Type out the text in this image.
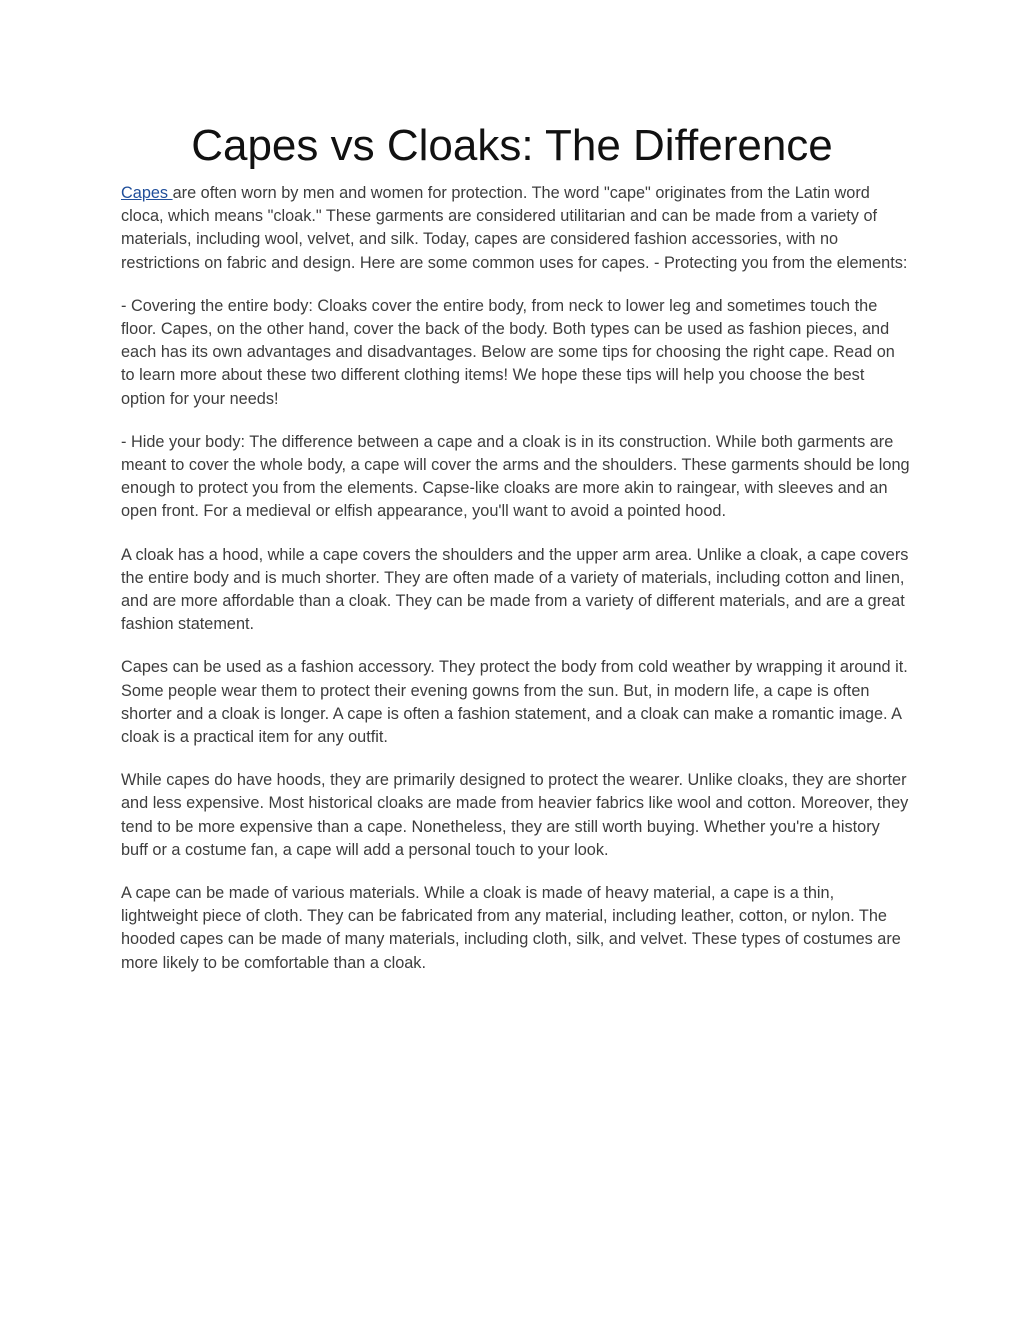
Capes vs Cloaks: The Difference

Capes are often worn by men and women for protection. The word "cape" originates from the Latin word cloca, which means "cloak." These garments are considered utilitarian and can be made from a variety of materials, including wool, velvet, and silk. Today, capes are considered fashion accessories, with no restrictions on fabric and design. Here are some common uses for capes. - Protecting you from the elements:

- Covering the entire body: Cloaks cover the entire body, from neck to lower leg and sometimes touch the floor. Capes, on the other hand, cover the back of the body. Both types can be used as fashion pieces, and each has its own advantages and disadvantages. Below are some tips for choosing the right cape. Read on to learn more about these two different clothing items! We hope these tips will help you choose the best option for your needs!

- Hide your body: The difference between a cape and a cloak is in its construction. While both garments are meant to cover the whole body, a cape will cover the arms and the shoulders. These garments should be long enough to protect you from the elements. Capse-like cloaks are more akin to raingear, with sleeves and an open front. For a medieval or elfish appearance, you'll want to avoid a pointed hood.

A cloak has a hood, while a cape covers the shoulders and the upper arm area. Unlike a cloak, a cape covers the entire body and is much shorter. They are often made of a variety of materials, including cotton and linen, and are more affordable than a cloak. They can be made from a variety of different materials, and are a great fashion statement.

Capes can be used as a fashion accessory. They protect the body from cold weather by wrapping it around it. Some people wear them to protect their evening gowns from the sun. But, in modern life, a cape is often shorter and a cloak is longer. A cape is often a fashion statement, and a cloak can make a romantic image. A cloak is a practical item for any outfit.

While capes do have hoods, they are primarily designed to protect the wearer. Unlike cloaks, they are shorter and less expensive. Most historical cloaks are made from heavier fabrics like wool and cotton. Moreover, they tend to be more expensive than a cape. Nonetheless, they are still worth buying. Whether you're a history buff or a costume fan, a cape will add a personal touch to your look.

A cape can be made of various materials. While a cloak is made of heavy material, a cape is a thin, lightweight piece of cloth. They can be fabricated from any material, including leather, cotton, or nylon. The hooded capes can be made of many materials, including cloth, silk, and velvet. These types of costumes are more likely to be comfortable than a cloak.
